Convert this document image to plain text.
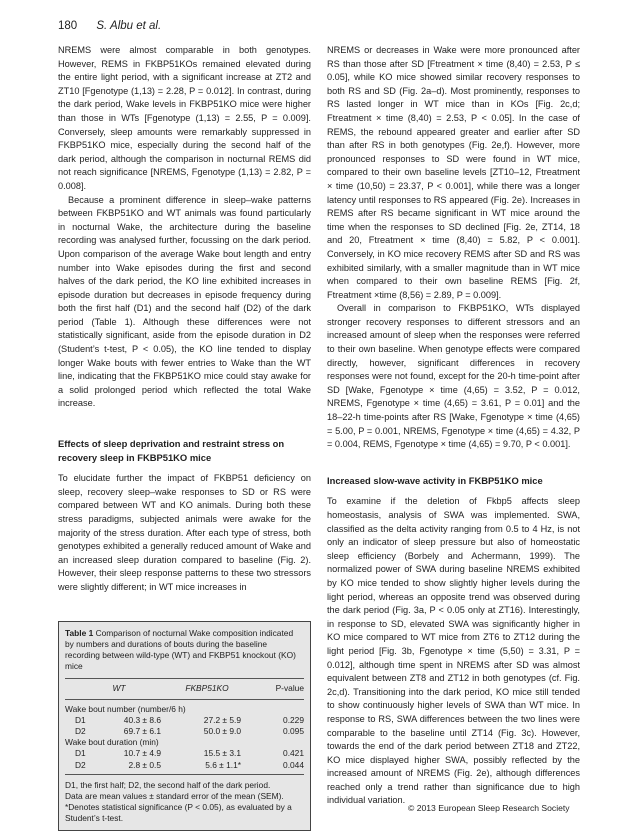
180 S. Albu et al.

NREMS were almost comparable in both genotypes. However, REMS in FKBP51KOs remained elevated during the entire light period, with a significant increase at ZT2 and ZT10 [Fgenotype (1,13) = 2.28, P = 0.012]. In contrast, during the dark period, Wake levels in FKBP51KO mice were higher than those in WTs [Fgenotype (1,13) = 2.55, P = 0.009]. Conversely, sleep amounts were remarkably suppressed in FKBP51KO mice, especially during the second half of the dark period, although the comparison in nocturnal REMS did not reach significance [NREMS, Fgenotype (1,13) = 2.82, P = 0.008].

Because a prominent difference in sleep–wake patterns between FKBP51KO and WT animals was found particularly in nocturnal Wake, the architecture during the baseline recording was analysed further, focussing on the dark period. Upon comparison of the average Wake bout length and entry number into Wake episodes during the first and second halves of the dark period, the KO line exhibited increases in episode duration but decreases in episode frequency during both the first half (D1) and the second half (D2) of the dark period (Table 1). Although these differences were not statistically significant, aside from the episode duration in D2 (Student’s t-test, P < 0.05), the KO line tended to display longer Wake bouts with fewer entries to Wake than the WT line, indicating that the FKBP51KO mice could stay awake for a solid prolonged period which reflected the total Wake increase.

Effects of sleep deprivation and restraint stress on recovery sleep in FKBP51KO mice

To elucidate further the impact of FKBP51 deficiency on sleep, recovery sleep–wake responses to SD or RS were compared between WT and KO animals. During both these stress paradigms, subjected animals were awake for the majority of the stress duration. After each type of stress, both genotypes exhibited a generally reduced amount of Wake and an increased sleep duration compared to baseline (Fig. 2). However, their sleep response patterns to these two stressors were slightly different; in WT mice increases in

Table 1 Comparison of nocturnal Wake composition indicated by numbers and durations of bouts during the baseline recording between wild-type (WT) and FKBP51 knockout (KO) mice
WT	FKBP51KO	P-value
Wake bout number (number/6 h)
D1	40.3 ± 8.6	27.2 ± 5.9	0.229
D2	69.7 ± 6.1	50.0 ± 9.0	0.095
Wake bout duration (min)
D1	10.7 ± 4.9	15.5 ± 3.1	0.421
D2	2.8 ± 0.5	5.6 ± 1.1*	0.044
D1, the first half; D2, the second half of the dark period.
Data are mean values ± standard error of the mean (SEM).
*Denotes statistical significance (P < 0.05), as evaluated by a Student’s t-test.

NREMS or decreases in Wake were more pronounced after RS than those after SD [Ftreatment × time (8,40) = 2.53, P ≤ 0.05], while KO mice showed similar recovery responses to both RS and SD (Fig. 2a–d). Most prominently, responses to RS lasted longer in WT mice than in KOs [Fig. 2c,d; Ftreatment × time (8,40) = 2.53, P < 0.05]. In the case of REMS, the rebound appeared greater and earlier after SD than after RS in both genotypes (Fig. 2e,f). However, more pronounced responses to SD were found in WT mice, compared to their own baseline levels [ZT10–12, Ftreatment × time (10,50) = 23.37, P < 0.001], while there was a longer latency until responses to RS appeared (Fig. 2e). Increases in REMS after RS became significant in WT mice around the time when the responses to SD declined [Fig. 2e, ZT14, 18 and 20, Ftreatment × time (8,40) = 5.82, P < 0.001]. Conversely, in KO mice recovery REMS after SD and RS was exhibited similarly, with a smaller magnitude than in WT mice when compared to their own baseline REMS [Fig. 2f, Ftreatment ×time (8,56) = 2.89, P = 0.009].

Overall in comparison to FKBP51KO, WTs displayed stronger recovery responses to different stressors and an increased amount of sleep when the responses were referred to their own baseline. When genotype effects were compared directly, however, significant differences in recovery responses were not found, except for the 20-h time-point after SD [Wake, Fgenotype × time (4,65) = 3.52, P = 0.012, NREMS, Fgenotype × time (4,65) = 3.61, P = 0.01] and the 18–22-h time-points after RS [Wake, Fgenotype × time (4,65) = 5.00, P = 0.001, NREMS, Fgenotype × time (4,65) = 4.32, P = 0.004, REMS, Fgenotype × time (4,65) = 9.70, P < 0.001].

Increased slow-wave activity in FKBP51KO mice

To examine if the deletion of Fkbp5 affects sleep homeostasis, analysis of SWA was implemented. SWA, classified as the delta activity ranging from 0.5 to 4 Hz, is not only an indicator of sleep pressure but also of homeostatic sleep efficiency (Borbely and Achermann, 1999). The normalized power of SWA during baseline NREMS exhibited by KO mice tended to show slightly higher levels during the light period, whereas an opposite trend was observed during the dark period (Fig. 3a, P < 0.05 only at ZT16). Interestingly, in response to SD, elevated SWA was significantly higher in KO mice compared to WT mice from ZT6 to ZT12 during the light period [Fig. 3b, Fgenotype × time (5,50) = 3.31, P = 0.012], although time spent in NREMS after SD was almost equivalent between ZT8 and ZT12 in both genotypes (cf. Fig. 2c,d). Transitioning into the dark period, KO mice still tended to show continuously higher levels of SWA than WT mice. In response to RS, SWA differences between the two lines were comparable to the baseline until ZT14 (Fig. 3c). However, towards the end of the dark period between ZT18 and ZT22, KO mice displayed higher SWA, possibly reflected by the increased amount of NREMS (Fig. 2e), although differences reached only a trend rather than significance due to high individual variation.

© 2013 European Sleep Research Society
